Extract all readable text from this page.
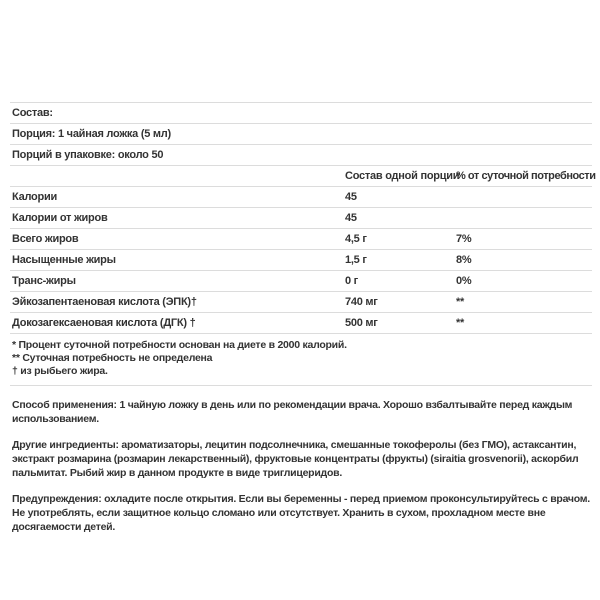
Состав:		
Порция: 1 чайная ложка (5 мл)		
Порций в упаковке: около 50		
	Состав одной порции	% от суточной потребности
Калории	45	
Калории от жиров	45	
Всего жиров	4,5 г	7%
Насыщенные жиры	1,5 г	8%
Транс-жиры	0 г	0%
Эйкозапентаеновая кислота (ЭПК)†	740 мг	**
Докозагексаеновая кислота (ДГК) †	500 мг	**
* Процент суточной потребности основан на диете в 2000 калорий.
** Суточная потребность не определена
† из рыбьего жира.

Способ применения: 1 чайную ложку в день или по рекомендации врача. Хорошо взбалтывайте перед каждым использованием.

Другие ингредиенты: ароматизаторы, лецитин подсолнечника, смешанные токоферолы (без ГМО), астаксантин, экстракт розмарина (розмарин лекарственный), фруктовые концентраты (фрукты) (siraitia grosvenorii), аскорбил пальмитат. Рыбий жир в данном продукте в виде триглицеридов.

Предупреждения: охладите после открытия. Если вы беременны - перед приемом проконсультируйтесь с врачом. Не употреблять, если защитное кольцо сломано или отсутствует. Хранить в сухом, прохладном месте вне досягаемости детей.
